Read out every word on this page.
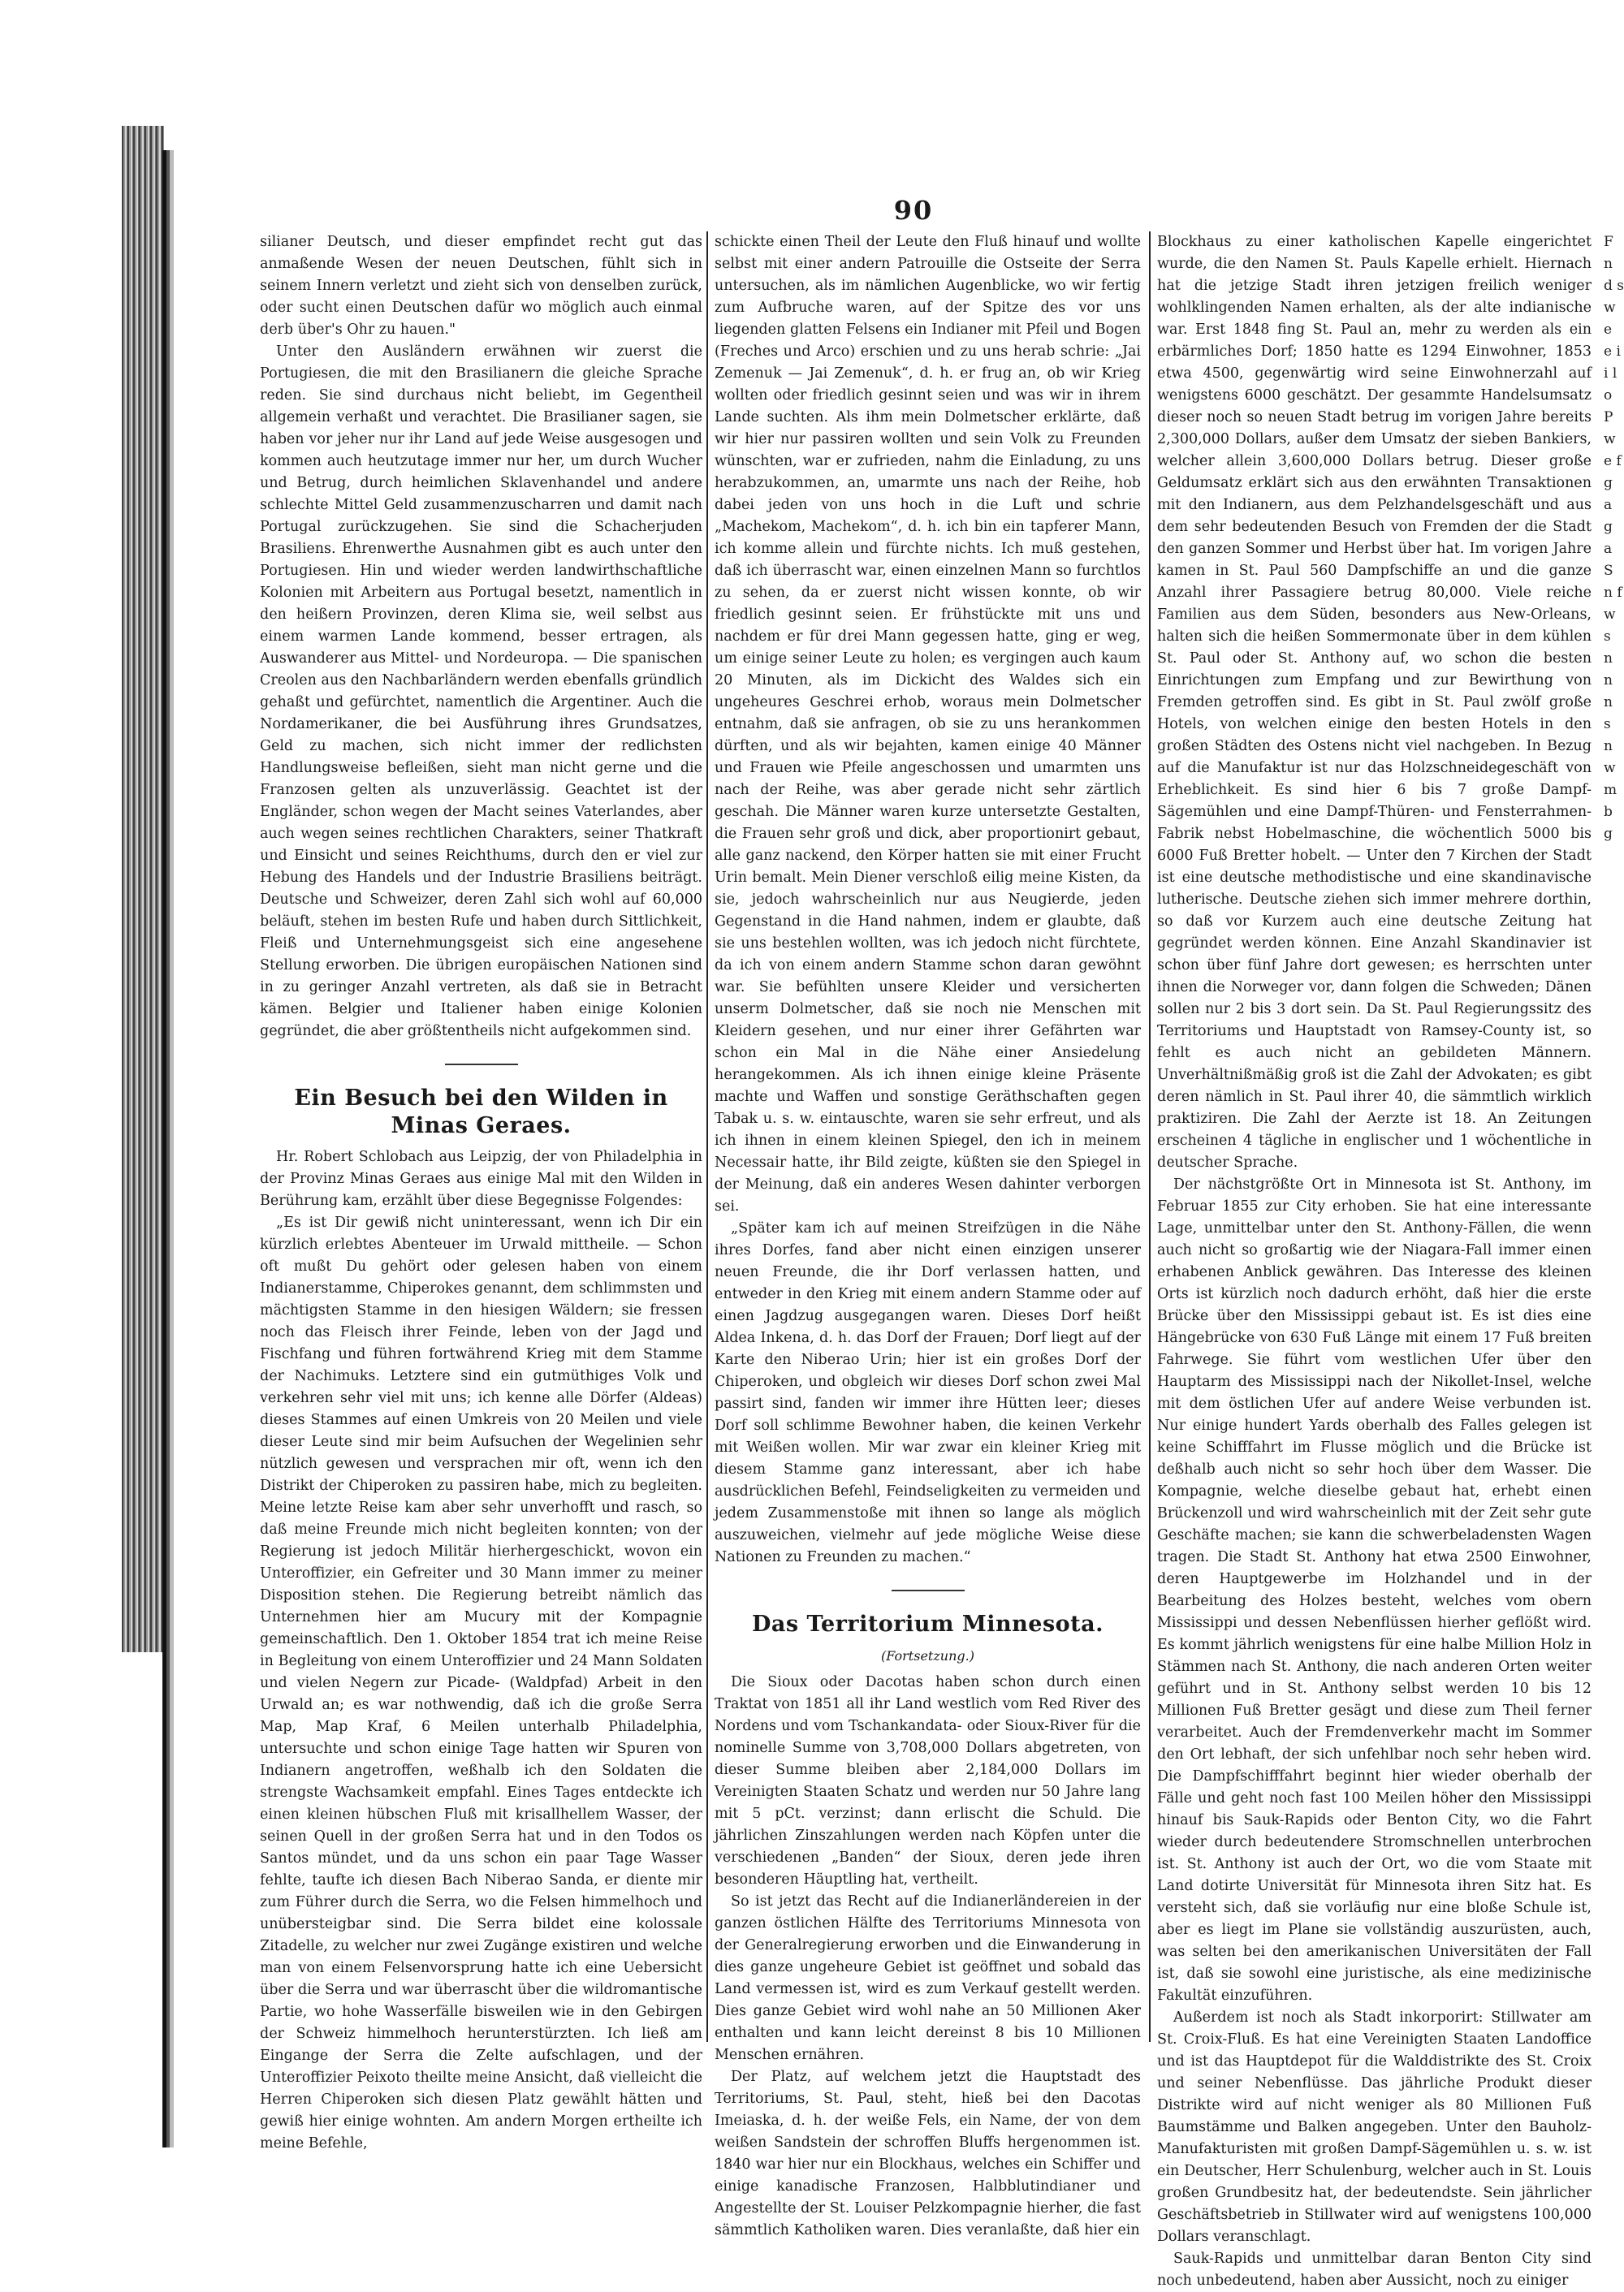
90

silianer Deutsch, und dieser empfindet recht gut das anmaßende Wesen der neuen Deutschen, fühlt sich in seinem Innern verletzt und zieht sich von denselben zurück, oder sucht einen Deutschen dafür wo möglich auch einmal derb über's Ohr zu hauen."

Unter den Ausländern erwähnen wir zuerst die Portugiesen, die mit den Brasilianern die gleiche Sprache reden. Sie sind durchaus nicht beliebt, im Gegentheil allgemein verhaßt und verachtet. Die Brasilianer sagen, sie haben vor jeher nur ihr Land auf jede Weise ausgesogen und kommen auch heutzutage immer nur her, um durch Wucher und Betrug, durch heimlichen Sklavenhandel und andere schlechte Mittel Geld zusammenzuscharren und damit nach Portugal zurückzugehen. Sie sind die Schacherjuden Brasiliens. Ehrenwerthe Ausnahmen gibt es auch unter den Portugiesen. Hin und wieder werden landwirthschaftliche Kolonien mit Arbeitern aus Portugal besetzt, namentlich in den heißern Provinzen, deren Klima sie, weil selbst aus einem warmen Lande kommend, besser ertragen, als Auswanderer aus Mittel- und Nordeuropa. — Die spanischen Creolen aus den Nachbarländern werden ebenfalls gründlich gehaßt und gefürchtet, namentlich die Argentiner. Auch die Nordamerikaner, die bei Ausführung ihres Grundsatzes, Geld zu machen, sich nicht immer der redlichsten Handlungsweise befleißen, sieht man nicht gerne und die Franzosen gelten als unzuverlässig. Geachtet ist der Engländer, schon wegen der Macht seines Vaterlandes, aber auch wegen seines rechtlichen Charakters, seiner Thatkraft und Einsicht und seines Reichthums, durch den er viel zur Hebung des Handels und der Industrie Brasiliens beiträgt. Deutsche und Schweizer, deren Zahl sich wohl auf 60,000 beläuft, stehen im besten Rufe und haben durch Sittlichkeit, Fleiß und Unternehmungsgeist sich eine angesehene Stellung erworben. Die übrigen europäischen Nationen sind in zu geringer Anzahl vertreten, als daß sie in Betracht kämen. Belgier und Italiener haben einige Kolonien gegründet, die aber größtentheils nicht aufgekommen sind.

Ein Besuch bei den Wilden in Minas Geraes.

Hr. Robert Schlobach aus Leipzig, der von Philadelphia in der Provinz Minas Geraes aus einige Mal mit den Wilden in Berührung kam, erzählt über diese Begegnisse Folgendes:

„Es ist Dir gewiß nicht uninteressant, wenn ich Dir ein kürzlich erlebtes Abenteuer im Urwald mittheile. — Schon oft mußt Du gehört oder gelesen haben von einem Indianerstamme, Chiperokes genannt, dem schlimmsten und mächtigsten Stamme in den hiesigen Wäldern; sie fressen noch das Fleisch ihrer Feinde, leben von der Jagd und Fischfang und führen fortwährend Krieg mit dem Stamme der Nachimuks. Letztere sind ein gutmüthiges Volk und verkehren sehr viel mit uns; ich kenne alle Dörfer (Aldeas) dieses Stammes auf einen Umkreis von 20 Meilen und viele dieser Leute sind mir beim Aufsuchen der Wegelinien sehr nützlich gewesen und versprachen mir oft, wenn ich den Distrikt der Chiperoken zu passiren habe, mich zu begleiten. Meine letzte Reise kam aber sehr unverhofft und rasch, so daß meine Freunde mich nicht begleiten konnten; von der Regierung ist jedoch Militär hierhergeschickt, wovon ein Unteroffizier, ein Gefreiter und 30 Mann immer zu meiner Disposition stehen. Die Regierung betreibt nämlich das Unternehmen hier am Mucury mit der Kompagnie gemeinschaftlich. Den 1. Oktober 1854 trat ich meine Reise in Begleitung von einem Unteroffizier und 24 Mann Soldaten und vielen Negern zur Picade- (Waldpfad) Arbeit in den Urwald an; es war nothwendig, daß ich die große Serra Map, Map Kraf, 6 Meilen unterhalb Philadelphia, untersuchte und schon einige Tage hatten wir Spuren von Indianern angetroffen, weßhalb ich den Soldaten die strengste Wachsamkeit empfahl. Eines Tages entdeckte ich einen kleinen hübschen Fluß mit krisallhellem Wasser, der seinen Quell in der großen Serra hat und in den Todos os Santos mündet, und da uns schon ein paar Tage Wasser fehlte, taufte ich diesen Bach Niberao Sanda, er diente mir zum Führer durch die Serra, wo die Felsen himmelhoch und unübersteigbar sind. Die Serra bildet eine kolossale Zitadelle, zu welcher nur zwei Zugänge existiren und welche man von einem Felsenvorsprung hatte ich eine Uebersicht über die Serra und war überrascht über die wildromantische Partie, wo hohe Wasserfälle bisweilen wie in den Gebirgen der Schweiz himmelhoch herunterstürzten. Ich ließ am Eingange der Serra die Zelte aufschlagen, und der Unteroffizier Peixoto theilte meine Ansicht, daß vielleicht die Herren Chiperoken sich diesen Platz gewählt hätten und gewiß hier einige wohnten. Am andern Morgen ertheilte ich meine Befehle,

schickte einen Theil der Leute den Fluß hinauf und wollte selbst mit einer andern Patrouille die Ostseite der Serra untersuchen, als im nämlichen Augenblicke, wo wir fertig zum Aufbruche waren, auf der Spitze des vor uns liegenden glatten Felsens ein Indianer mit Pfeil und Bogen (Freches und Arco) erschien und zu uns herab schrie: „Jai Zemenuk — Jai Zemenuk“, d. h. er frug an, ob wir Krieg wollten oder friedlich gesinnt seien und was wir in ihrem Lande suchten. Als ihm mein Dolmetscher erklärte, daß wir hier nur passiren wollten und sein Volk zu Freunden wünschten, war er zufrieden, nahm die Einladung, zu uns herabzukommen, an, umarmte uns nach der Reihe, hob dabei jeden von uns hoch in die Luft und schrie „Machekom, Machekom“, d. h. ich bin ein tapferer Mann, ich komme allein und fürchte nichts. Ich muß gestehen, daß ich überrascht war, einen einzelnen Mann so furchtlos zu sehen, da er zuerst nicht wissen konnte, ob wir friedlich gesinnt seien. Er frühstückte mit uns und nachdem er für drei Mann gegessen hatte, ging er weg, um einige seiner Leute zu holen; es vergingen auch kaum 20 Minuten, als im Dickicht des Waldes sich ein ungeheures Geschrei erhob, woraus mein Dolmetscher entnahm, daß sie anfragen, ob sie zu uns herankommen dürften, und als wir bejahten, kamen einige 40 Männer und Frauen wie Pfeile angeschossen und umarmten uns nach der Reihe, was aber gerade nicht sehr zärtlich geschah. Die Männer waren kurze untersetzte Gestalten, die Frauen sehr groß und dick, aber proportionirt gebaut, alle ganz nackend, den Körper hatten sie mit einer Frucht Urin bemalt. Mein Diener verschloß eilig meine Kisten, da sie, jedoch wahrscheinlich nur aus Neugierde, jeden Gegenstand in die Hand nahmen, indem er glaubte, daß sie uns bestehlen wollten, was ich jedoch nicht fürchtete, da ich von einem andern Stamme schon daran gewöhnt war. Sie befühlten unsere Kleider und versicherten unserm Dolmetscher, daß sie noch nie Menschen mit Kleidern gesehen, und nur einer ihrer Gefährten war schon ein Mal in die Nähe einer Ansiedelung herangekommen. Als ich ihnen einige kleine Präsente machte und Waffen und sonstige Geräthschaften gegen Tabak u. s. w. eintauschte, waren sie sehr erfreut, und als ich ihnen in einem kleinen Spiegel, den ich in meinem Necessair hatte, ihr Bild zeigte, küßten sie den Spiegel in der Meinung, daß ein anderes Wesen dahinter verborgen sei.

„Später kam ich auf meinen Streifzügen in die Nähe ihres Dorfes, fand aber nicht einen einzigen unserer neuen Freunde, die ihr Dorf verlassen hatten, und entweder in den Krieg mit einem andern Stamme oder auf einen Jagdzug ausgegangen waren. Dieses Dorf heißt Aldea Inkena, d. h. das Dorf der Frauen; Dorf liegt auf der Karte den Niberao Urin; hier ist ein großes Dorf der Chiperoken, und obgleich wir dieses Dorf schon zwei Mal passirt sind, fanden wir immer ihre Hütten leer; dieses Dorf soll schlimme Bewohner haben, die keinen Verkehr mit Weißen wollen. Mir war zwar ein kleiner Krieg mit diesem Stamme ganz interessant, aber ich habe ausdrücklichen Befehl, Feindseligkeiten zu vermeiden und jedem Zusammenstoße mit ihnen so lange als möglich auszuweichen, vielmehr auf jede mögliche Weise diese Nationen zu Freunden zu machen.“

Das Territorium Minnesota.
(Fortsetzung.)

Die Sioux oder Dacotas haben schon durch einen Traktat von 1851 all ihr Land westlich vom Red River des Nordens und vom Tschankandata- oder Sioux-River für die nominelle Summe von 3,708,000 Dollars abgetreten, von dieser Summe bleiben aber 2,184,000 Dollars im Vereinigten Staaten Schatz und werden nur 50 Jahre lang mit 5 pCt. verzinst; dann erlischt die Schuld. Die jährlichen Zinszahlungen werden nach Köpfen unter die verschiedenen „Banden“ der Sioux, deren jede ihren besonderen Häuptling hat, vertheilt.

So ist jetzt das Recht auf die Indianerländereien in der ganzen östlichen Hälfte des Territoriums Minnesota von der Generalregierung erworben und die Einwanderung in dies ganze ungeheure Gebiet ist geöffnet und sobald das Land vermessen ist, wird es zum Verkauf gestellt werden. Dies ganze Gebiet wird wohl nahe an 50 Millionen Aker enthalten und kann leicht dereinst 8 bis 10 Millionen Menschen ernähren.

Der Platz, auf welchem jetzt die Hauptstadt des Territoriums, St. Paul, steht, hieß bei den Dacotas Imeiaska, d. h. der weiße Fels, ein Name, der von dem weißen Sandstein der schroffen Bluffs hergenommen ist. 1840 war hier nur ein Blockhaus, welches ein Schiffer und einige kanadische Franzosen, Halbblutindianer und Angestellte der St. Louiser Pelzkompagnie hierher, die fast sämmtlich Katholiken waren. Dies veranlaßte, daß hier ein

Blockhaus zu einer katholischen Kapelle eingerichtet wurde, die den Namen St. Pauls Kapelle erhielt. Hiernach hat die jetzige Stadt ihren jetzigen freilich weniger wohlklingenden Namen erhalten, als der alte indianische war. Erst 1848 fing St. Paul an, mehr zu werden als ein erbärmliches Dorf; 1850 hatte es 1294 Einwohner, 1853 etwa 4500, gegenwärtig wird seine Einwohnerzahl auf wenigstens 6000 geschätzt. Der gesammte Handelsumsatz dieser noch so neuen Stadt betrug im vorigen Jahre bereits 2,300,000 Dollars, außer dem Umsatz der sieben Bankiers, welcher allein 3,600,000 Dollars betrug. Dieser große Geldumsatz erklärt sich aus den erwähnten Transaktionen mit den Indianern, aus dem Pelzhandelsgeschäft und aus dem sehr bedeutenden Besuch von Fremden der die Stadt den ganzen Sommer und Herbst über hat. Im vorigen Jahre kamen in St. Paul 560 Dampfschiffe an und die ganze Anzahl ihrer Passagiere betrug 80,000. Viele reiche Familien aus dem Süden, besonders aus New-Orleans, halten sich die heißen Sommermonate über in dem kühlen St. Paul oder St. Anthony auf, wo schon die besten Einrichtungen zum Empfang und zur Bewirthung von Fremden getroffen sind. Es gibt in St. Paul zwölf große Hotels, von welchen einige den besten Hotels in den großen Städten des Ostens nicht viel nachgeben. In Bezug auf die Manufaktur ist nur das Holzschneidegeschäft von Erheblichkeit. Es sind hier 6 bis 7 große Dampf-Sägemühlen und eine Dampf-Thüren- und Fensterrahmen-Fabrik nebst Hobelmaschine, die wöchentlich 5000 bis 6000 Fuß Bretter hobelt. — Unter den 7 Kirchen der Stadt ist eine deutsche methodistische und eine skandinavische lutherische. Deutsche ziehen sich immer mehrere dorthin, so daß vor Kurzem auch eine deutsche Zeitung hat gegründet werden können. Eine Anzahl Skandinavier ist schon über fünf Jahre dort gewesen; es herrschten unter ihnen die Norweger vor, dann folgen die Schweden; Dänen sollen nur 2 bis 3 dort sein. Da St. Paul Regierungssitz des Territoriums und Hauptstadt von Ramsey-County ist, so fehlt es auch nicht an gebildeten Männern. Unverhältnißmäßig groß ist die Zahl der Advokaten; es gibt deren nämlich in St. Paul ihrer 40, die sämmtlich wirklich praktiziren. Die Zahl der Aerzte ist 18. An Zeitungen erscheinen 4 tägliche in englischer und 1 wöchentliche in deutscher Sprache.

Der nächstgrößte Ort in Minnesota ist St. Anthony, im Februar 1855 zur City erhoben. Sie hat eine interessante Lage, unmittelbar unter den St. Anthony-Fällen, die wenn auch nicht so großartig wie der Niagara-Fall immer einen erhabenen Anblick gewähren. Das Interesse des kleinen Orts ist kürzlich noch dadurch erhöht, daß hier die erste Brücke über den Mississippi gebaut ist. Es ist dies eine Hängebrücke von 630 Fuß Länge mit einem 17 Fuß breiten Fahrwege. Sie führt vom westlichen Ufer über den Hauptarm des Mississippi nach der Nikollet-Insel, welche mit dem östlichen Ufer auf andere Weise verbunden ist. Nur einige hundert Yards oberhalb des Falles gelegen ist keine Schifffahrt im Flusse möglich und die Brücke ist deßhalb auch nicht so sehr hoch über dem Wasser. Die Kompagnie, welche dieselbe gebaut hat, erhebt einen Brückenzoll und wird wahrscheinlich mit der Zeit sehr gute Geschäfte machen; sie kann die schwerbeladensten Wagen tragen. Die Stadt St. Anthony hat etwa 2500 Einwohner, deren Hauptgewerbe im Holzhandel und in der Bearbeitung des Holzes besteht, welches vom obern Mississippi und dessen Nebenflüssen hierher geflößt wird. Es kommt jährlich wenigstens für eine halbe Million Holz in Stämmen nach St. Anthony, die nach anderen Orten weiter geführt und in St. Anthony selbst werden 10 bis 12 Millionen Fuß Bretter gesägt und diese zum Theil ferner verarbeitet. Auch der Fremdenverkehr macht im Sommer den Ort lebhaft, der sich unfehlbar noch sehr heben wird. Die Dampfschifffahrt beginnt hier wieder oberhalb der Fälle und geht noch fast 100 Meilen höher den Mississippi hinauf bis Sauk-Rapids oder Benton City, wo die Fahrt wieder durch bedeutendere Stromschnellen unterbrochen ist. St. Anthony ist auch der Ort, wo die vom Staate mit Land dotirte Universität für Minnesota ihren Sitz hat. Es versteht sich, daß sie vorläufig nur eine bloße Schule ist, aber es liegt im Plane sie vollständig auszurüsten, auch, was selten bei den amerikanischen Universitäten der Fall ist, daß sie sowohl eine juristische, als eine medizinische Fakultät einzuführen.

Außerdem ist noch als Stadt inkorporirt: Stillwater am St. Croix-Fluß. Es hat eine Vereinigten Staaten Landoffice und ist das Hauptdepot für die Walddistrikte des St. Croix und seiner Nebenflüsse. Das jährliche Produkt dieser Distrikte wird auf nicht weniger als 80 Millionen Fuß Baumstämme und Balken angegeben. Unter den Bauholz-Manufakturisten mit großen Dampf-Sägemühlen u. s. w. ist ein Deutscher, Herr Schulenburg, welcher auch in St. Louis großen Grundbesitz hat, der bedeutendste. Sein jährlicher Geschäftsbetrieb in Stillwater wird auf wenigstens 100,000 Dollars veranschlagt.

Sauk-Rapids und unmittelbar daran Benton City sind noch unbedeutend, haben aber Aussicht, noch zu einiger

F n d s w e e i i l o P w e f g a g a S n f w s n n n s n w m b g
